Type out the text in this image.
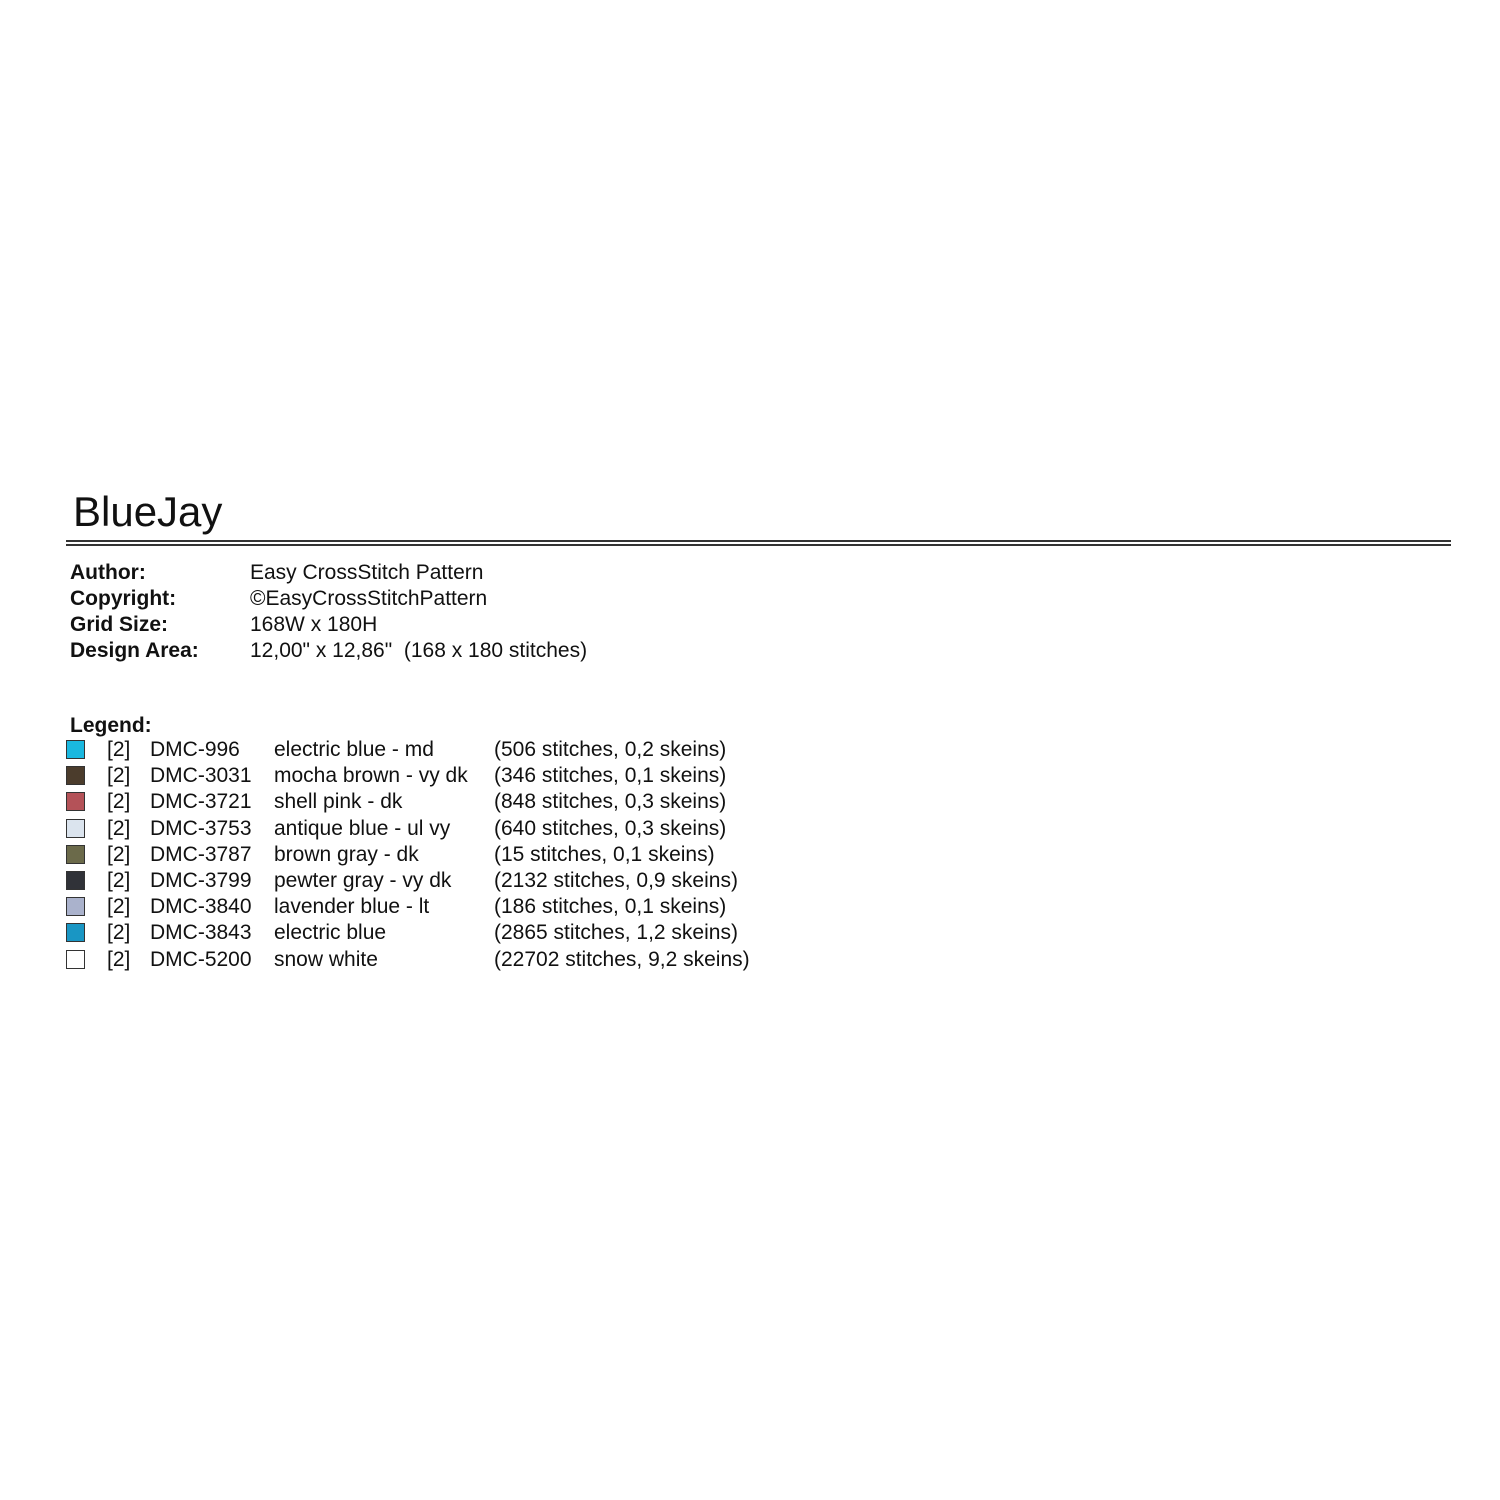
BlueJay
Author:	Easy CrossStitch Pattern
Copyright:	©EasyCrossStitchPattern
Grid Size:	168W x 180H
Design Area: 12,00" x 12,86"  (168 x 180 stitches)
Legend:
[2] DMC-996 electric blue - md	(506 stitches, 0,2 skeins)
[2] DMC-3031 mocha brown - vy dk (346 stitches, 0,1 skeins)
[2] DMC-3721 shell pink - dk	(848 stitches, 0,3 skeins)
[2] DMC-3753 antique blue - ul vy (640 stitches, 0,3 skeins)
[2] DMC-3787 brown gray - dk	(15 stitches, 0,1 skeins)
[2] DMC-3799 pewter gray - vy dk (2132 stitches, 0,9 skeins)
[2] DMC-3840 lavender blue - lt	(186 stitches, 0,1 skeins)
[2] DMC-3843 electric blue	(2865 stitches, 1,2 skeins)
[2] DMC-5200 snow white	(22702 stitches, 9,2 skeins)
